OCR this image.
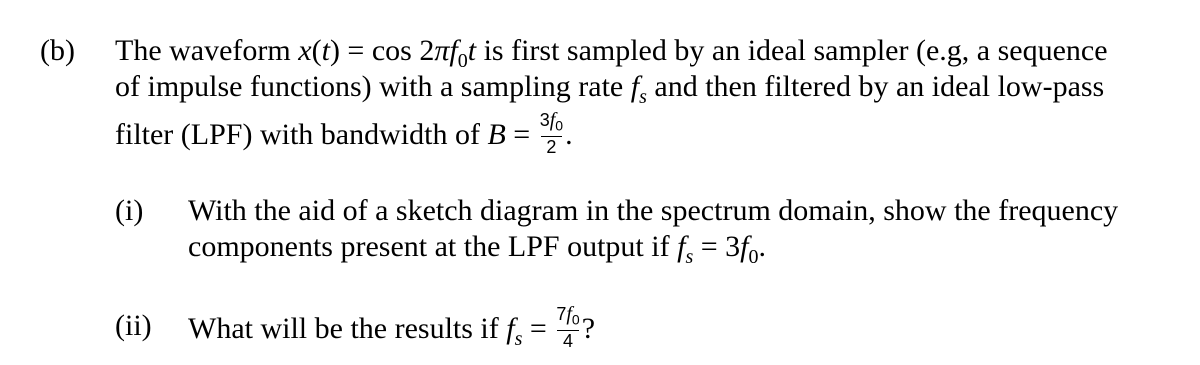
(b) The waveform $x(t) = \cos 2\pi f_0t$ is first sampled by an ideal sampler (e.g, a sequence
of impulse functions) with a sampling rate $f_s$ and then filtered by an ideal low-pass
filter (LPF) with bandwidth of $B = \frac{3f_0}{2}$ .
(i) With the aid of a sketch diagram in the spectrum domain, show the frequency
components present at the LPF output if $f_s = 3f_0$.
(ii) What will be the results if $f_s = \frac{7f_0}{4}$ ?
